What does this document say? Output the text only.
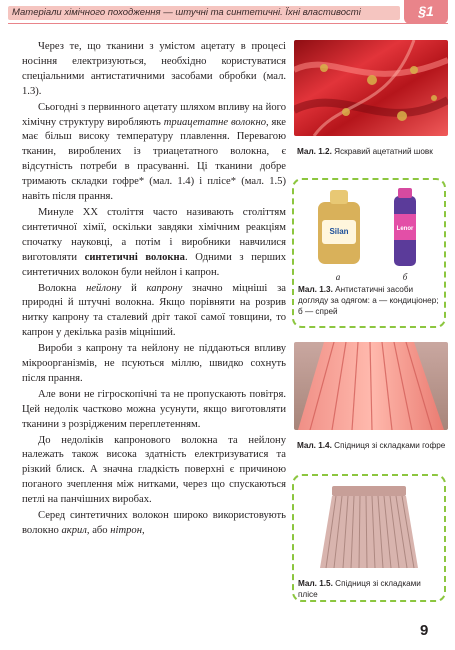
Матеріали хімічного походження — штучні та синтетичні. Їхні властивості	§1

Через те, що тканини з умістом ацетату в процесі носіння електризуються, необхідно користуватися спеціальними антистатичними засобами обробки (мал. 1.3).

Сьогодні з первинного ацетату шляхом впливу на його хімічну структуру виробляють триацетатне волокно, яке має більш високу температуру плавлення. Перевагою тканин, вироблених із триацетатного волокна, є відсутність потреби в прасуванні. Ці тканини добре тримають складки гофре* (мал. 1.4) і плісе* (мал. 1.5) навіть після прання.

Минуле XX століття часто називають століттям синтетичної хімії, оскільки завдяки хімічним реакціям спочатку науковці, а потім і виробники навчилися виготовляти синтетичні волокна. Одними з перших синтетичних волокон були нейлон і капрон.

Волокна нейлону й капрону значно міцніші за природні й штучні волокна. Якщо порівняти на розрив нитку капрону та сталевий дріт такої самої товщини, то капрон у декілька разів міцніший.

Вироби з капрону та нейлону не піддаються впливу мікроорганізмів, не псуються міллю, швидко сохнуть після прання.

Але вони не гігроскопічні та не пропускають повітря. Цей недолік частково можна усунути, якщо виготовляти тканини з розрідженим переплетенням.

До недоліків капронового волокна та нейлону належать також висока здатність електризуватися та різкий блиск. А значна гладкість поверхні є причиною поганого зчеплення між нитками, через що спускаються петлі на панчішних виробах.

Серед синтетичних волокон широко використовують волокно акрил, або нітрон,

Мал. 1.2. Яскравий ацетатний шовк
Silan	Lenor
а	б
Мал. 1.3. Антистатичні засоби догляду за одягом: а — кондиціонер; б — спрей
Мал. 1.4. Спідниця зі складками гофре
Мал. 1.5. Спідниця зі складками плісе
9
